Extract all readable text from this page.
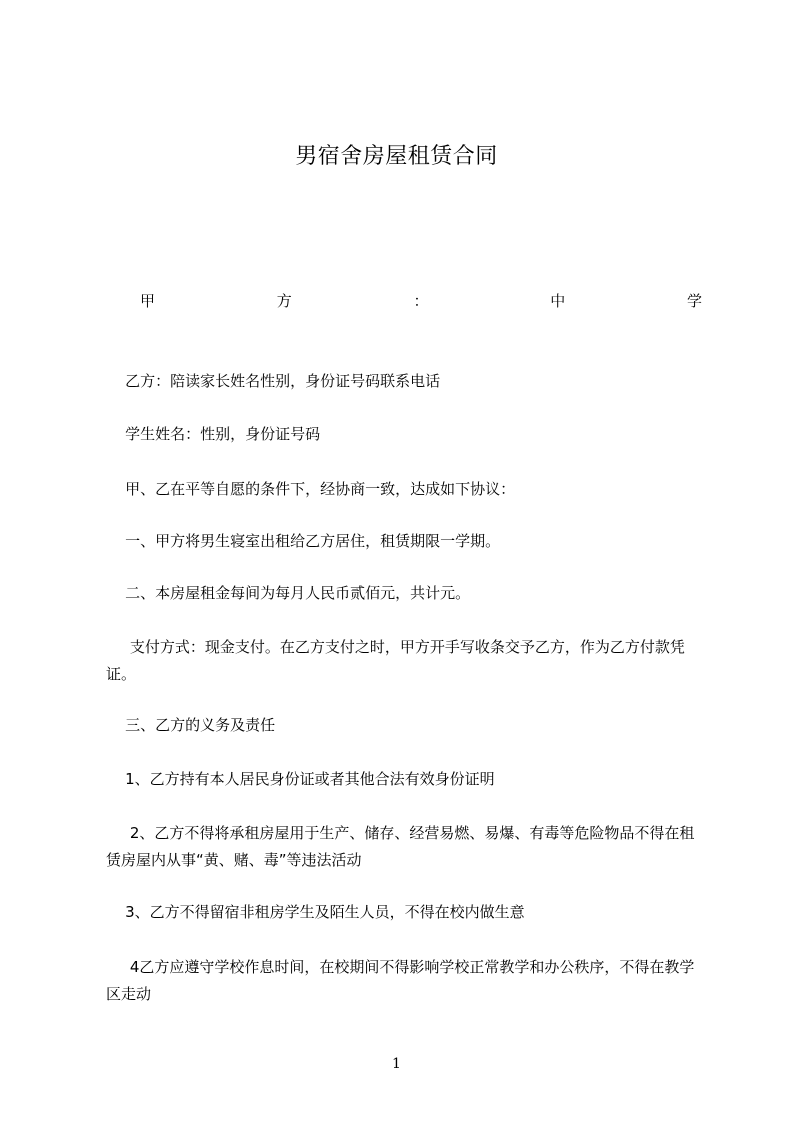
男宿舍房屋租赁合同
甲	方	：	中	学
乙方：陪读家长姓名性别，身份证号码联系电话
学生姓名：性别，身份证号码
甲、乙在平等自愿的条件下，经协商一致，达成如下协议：
一、甲方将男生寝室出租给乙方居住，租赁期限一学期。
二、本房屋租金每间为每月人民币贰佰元，共计元。
支付方式：现金支付。在乙方支付之时，甲方开手写收条交予乙方，作为乙方付款凭证。
三、乙方的义务及责任
1、乙方持有本人居民身份证或者其他合法有效身份证明
2、乙方不得将承租房屋用于生产、储存、经营易燃、易爆、有毒等危险物品不得在租赁房屋内从事“黄、赌、毒”等违法活动
3、乙方不得留宿非租房学生及陌生人员，不得在校内做生意
4乙方应遵守学校作息时间，在校期间不得影响学校正常教学和办公秩序，不得在教学区走动
1
